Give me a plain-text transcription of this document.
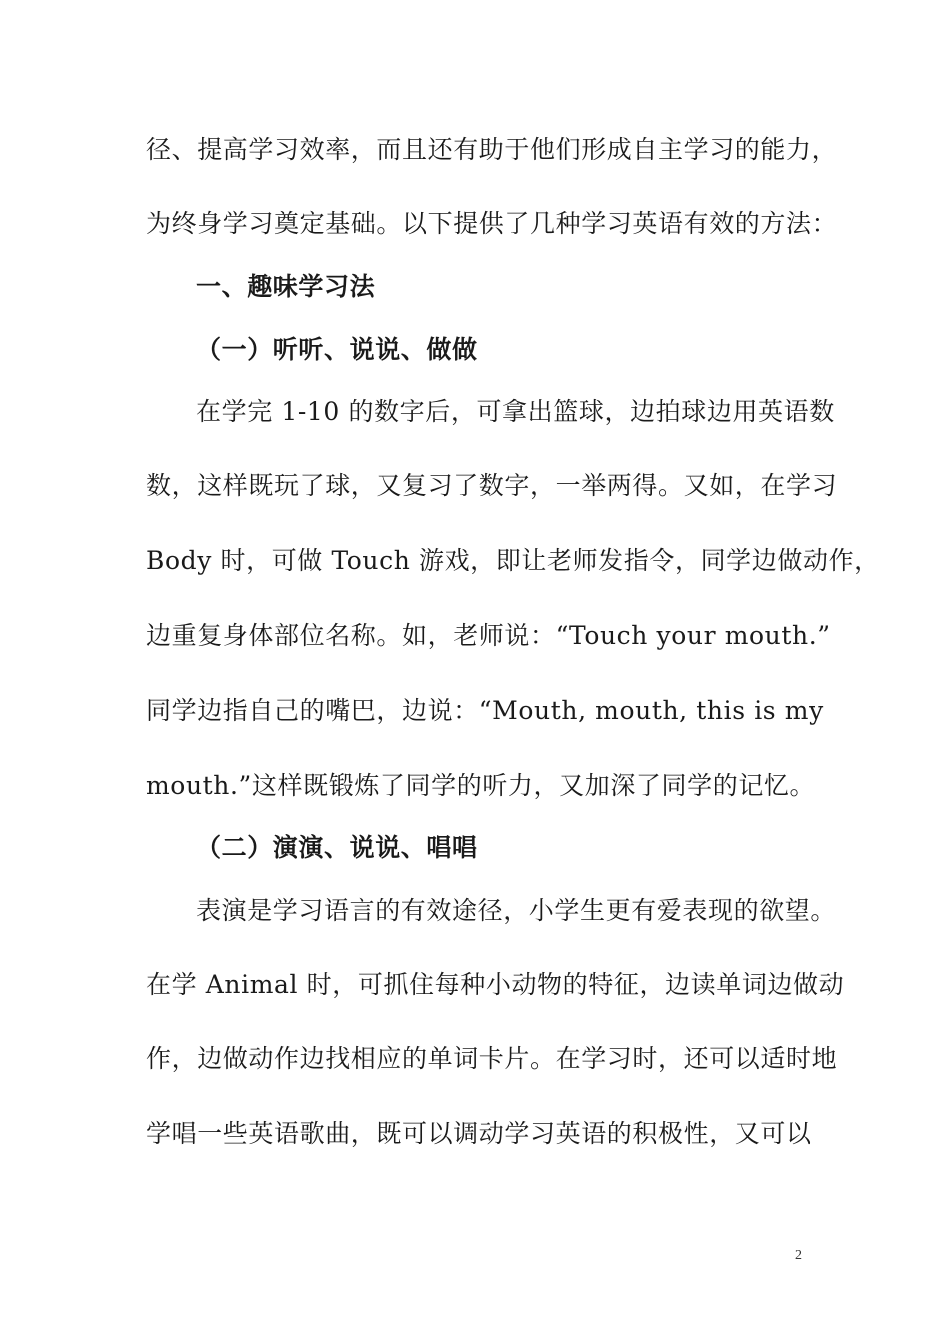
径、提高学习效率，而且还有助于他们形成自主学习的能力，
为终身学习奠定基础。以下提供了几种学习英语有效的方法：
一、趣味学习法
（一）听听、说说、做做
在学完 1-10 的数字后，可拿出篮球，边拍球边用英语数
数，这样既玩了球，又复习了数字，一举两得。又如，在学习
Body 时，可做 Touch 游戏，即让老师发指令，同学边做动作，
边重复身体部位名称。如，老师说：“Touch your mouth.”
同学边指自己的嘴巴，边说：“Mouth, mouth, this is my
mouth.”这样既锻炼了同学的听力，又加深了同学的记忆。
（二）演演、说说、唱唱
表演是学习语言的有效途径，小学生更有爱表现的欲望。
在学 Animal 时，可抓住每种小动物的特征，边读单词边做动
作，边做动作边找相应的单词卡片。在学习时，还可以适时地
学唱一些英语歌曲，既可以调动学习英语的积极性，又可以
2
